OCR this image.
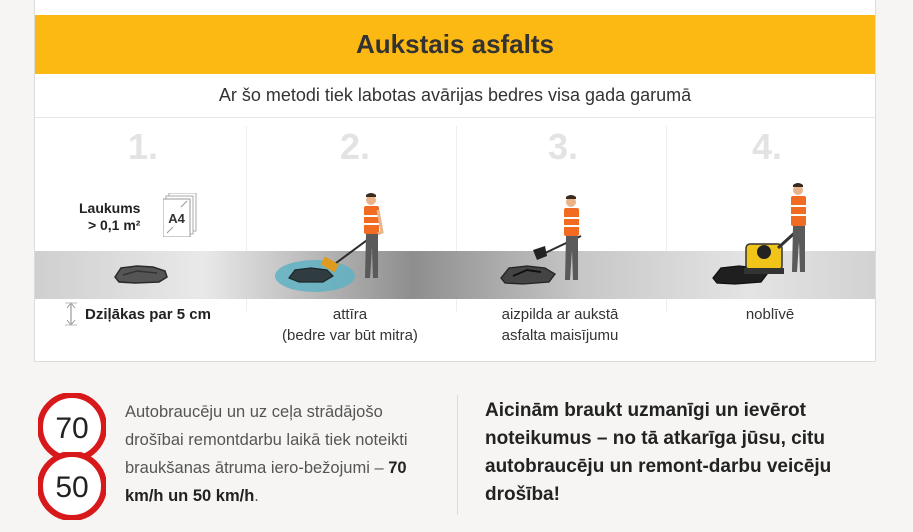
Aukstais asfalts
Ar šo metodi tiek labotas avārijas bedres visa gada garumā
1.	2.	3.	4.
Laukums
> 0,1 m² A4
Dziļākas par 5 cm	attīra
(bedre var būt mitra)
aizpilda ar aukstā
asfalta maisījumu
noblīvē
70
50
Autobraucēju un uz ceļa strādājošo drošībai remontdarbu laikā tiek noteikti braukšanas ātruma iero-bežojumi – 70 km/h un 50 km/h.
Aicinām braukt uzmanīgi un ievērot noteikumus – no tā atkarīga jūsu, citu autobraucēju un remont-darbu veicēju drošība!
